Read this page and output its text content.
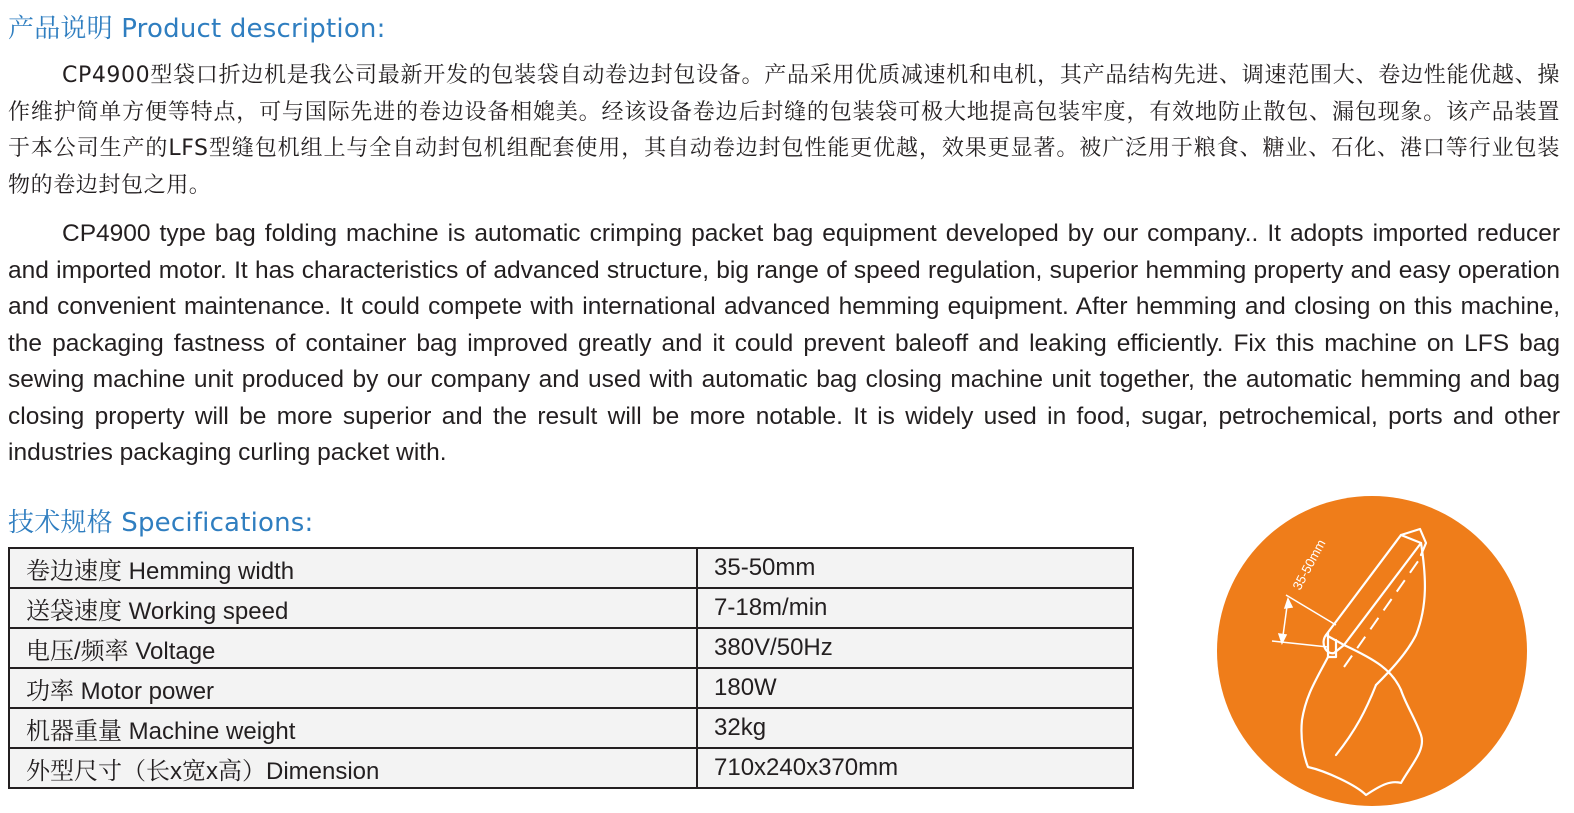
产品说明 Product description:
CP4900型袋口折边机是我公司最新开发的包装袋自动卷边封包设备。产品采用优质减速机和电机，其产品结构先进、调速范围大、卷边性能优越、操作维护简单方便等特点，可与国际先进的卷边设备相媲美。经该设备卷边后封缝的包装袋可极大地提高包装牢度，有效地防止散包、漏包现象。该产品装置于本公司生产的LFS型缝包机组上与全自动封包机组配套使用，其自动卷边封包性能更优越，效果更显著。被广泛用于粮食、糖业、石化、港口等行业包装物的卷边封包之用。
CP4900 type bag folding machine is automatic crimping packet bag equipment developed by our company.. It adopts imported reducer and imported motor. It has characteristics of advanced structure, big range of speed regulation, superior hemming property and easy operation and convenient maintenance. It could compete with international advanced hemming equipment. After hemming and closing on this machine, the packaging fastness of container bag improved greatly and it could prevent baleoff and leaking efficiently. Fix this machine on LFS bag sewing machine unit produced by our company and used with automatic bag closing machine unit together, the automatic hemming and bag closing property will be more superior and the result will be more notable. It is widely used in food, sugar, petrochemical, ports and other industries packaging curling packet with.
技术规格 Specifications:
卷边速度 Hemming width	35-50mm
送袋速度 Working speed	7-18m/min
电压/频率 Voltage	380V/50Hz
功率 Motor power	180W
机器重量 Machine weight	32kg
外型尺寸（长x宽x高）Dimension	710x240x370mm
35-50mm
